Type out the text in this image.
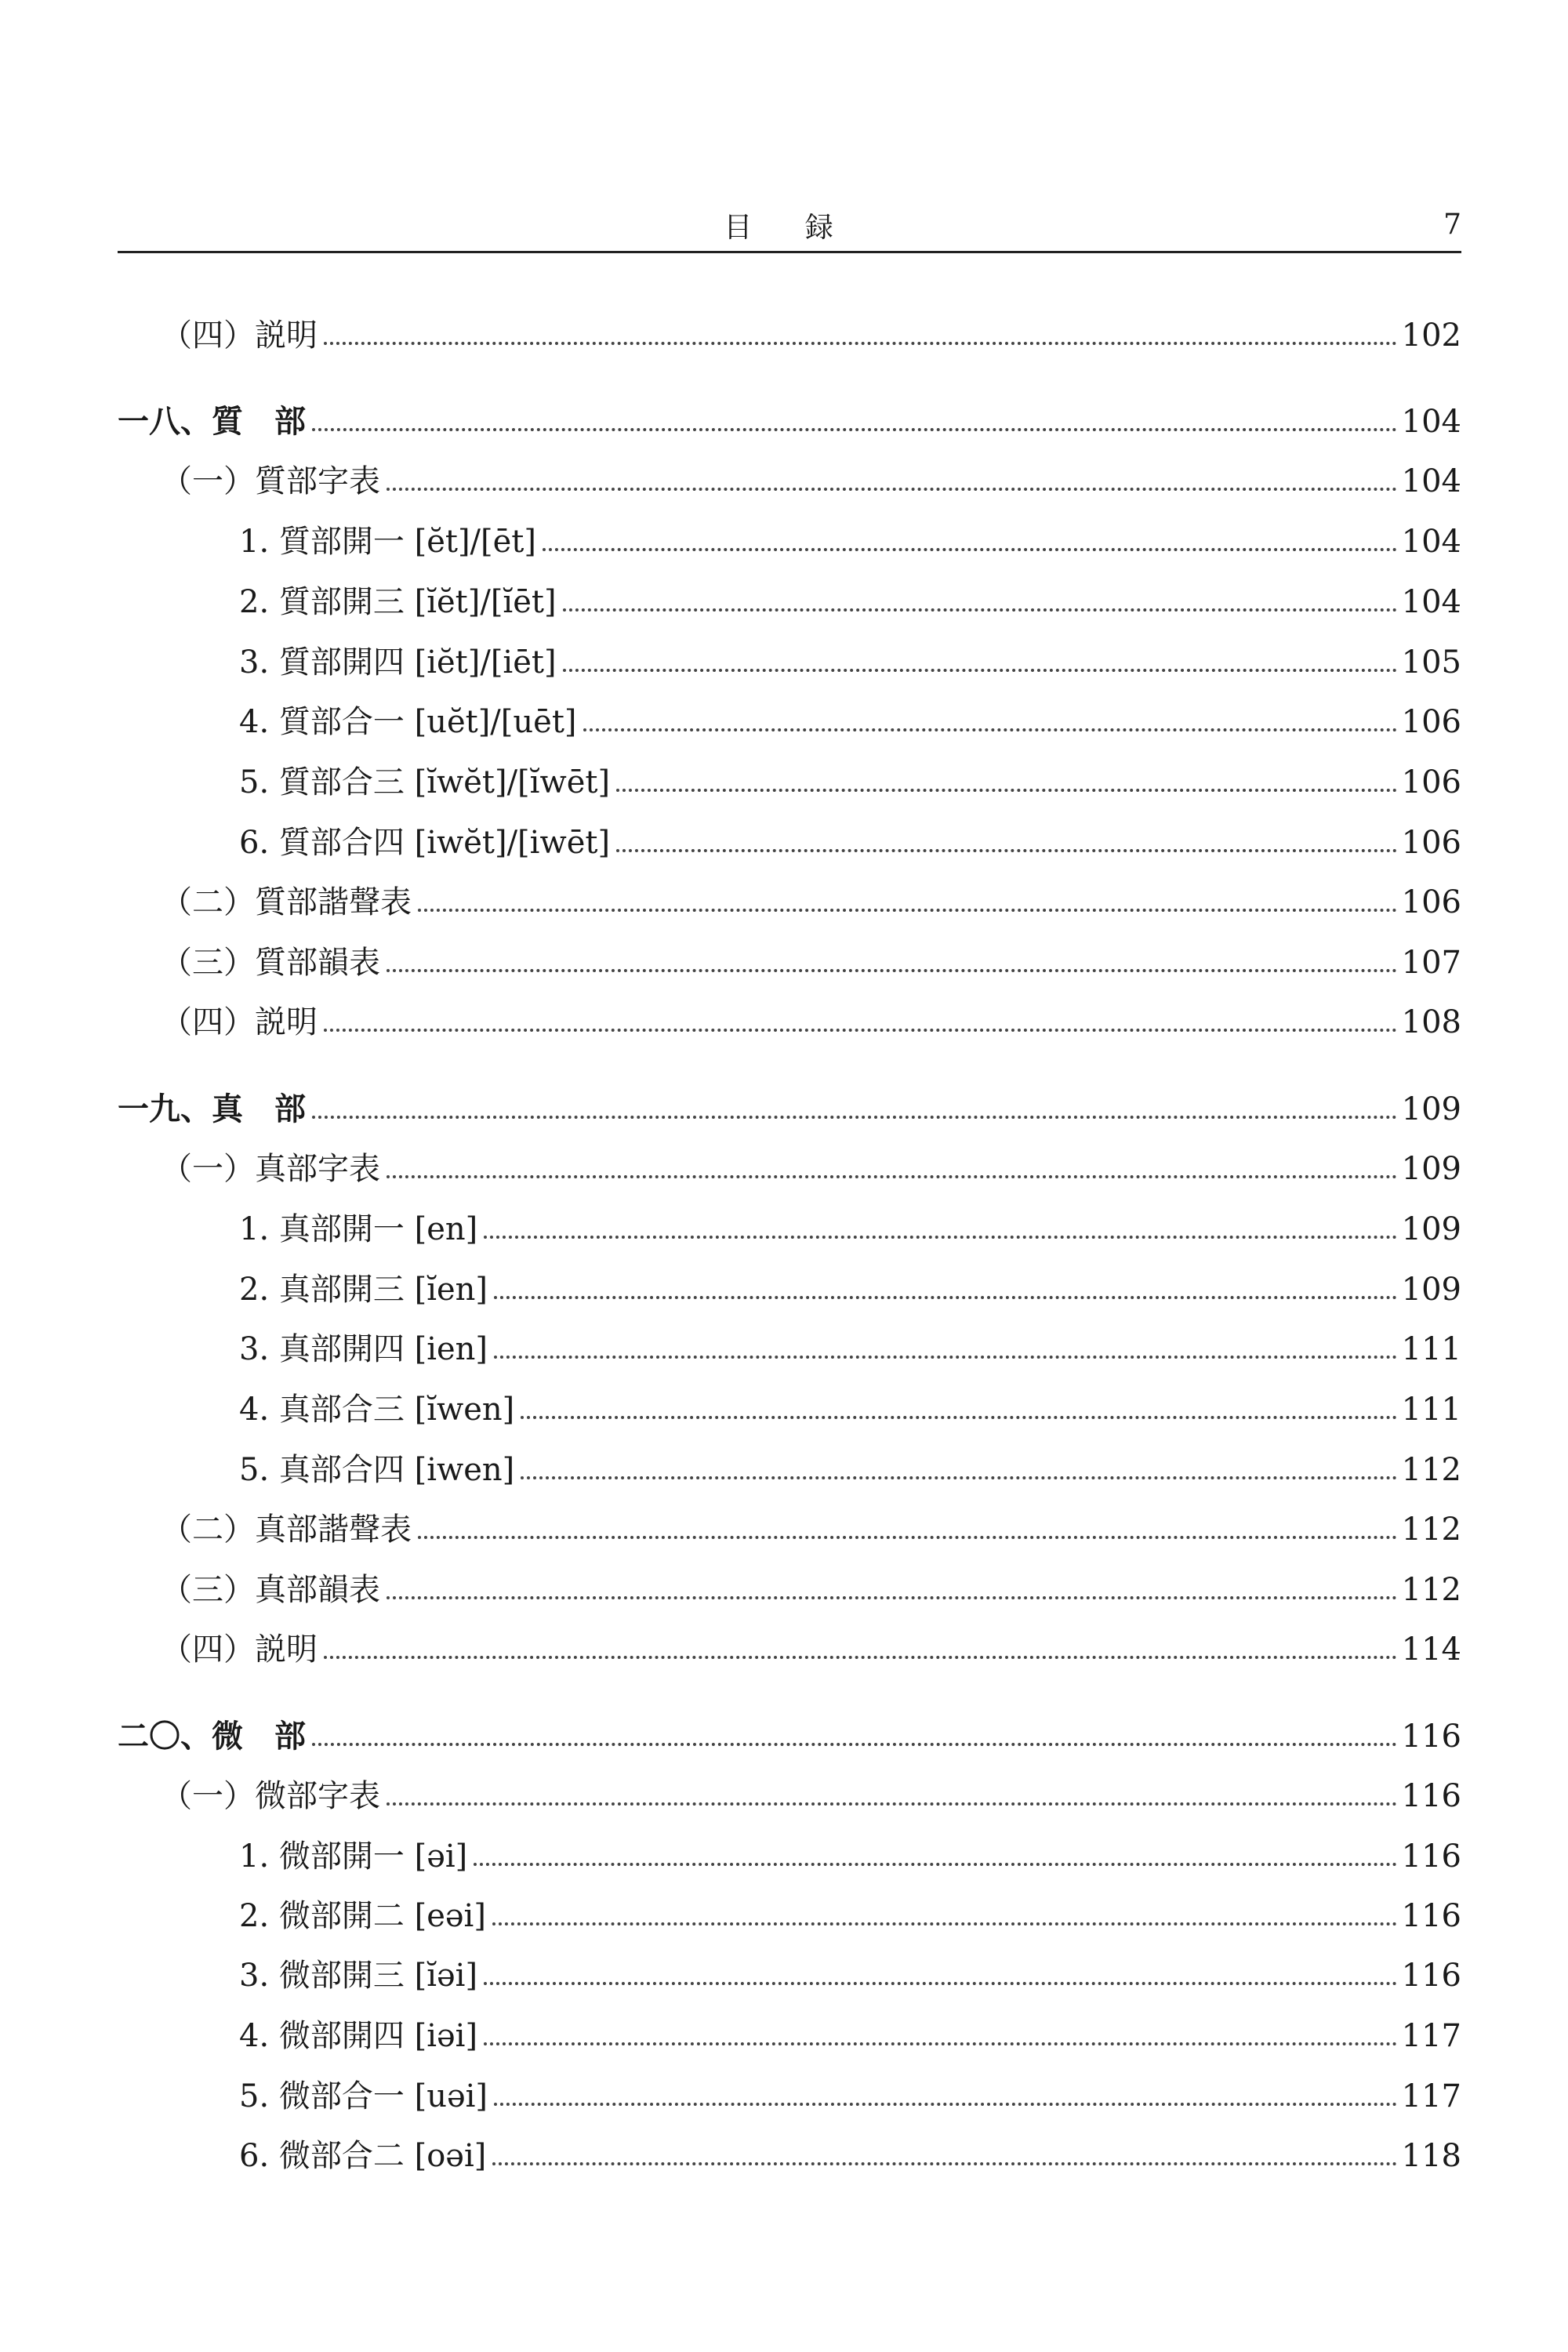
目 録	7
（四）説明	102
一八、質　部	104
（一）質部字表	104
1. 質部開一 [ĕt]/[ēt]	104
2. 質部開三 [ĭĕt]/[ĭēt]	104
3. 質部開四 [iĕt]/[iēt]	105
4. 質部合一 [uĕt]/[uēt]	106
5. 質部合三 [ĭwĕt]/[ĭwēt]	106
6. 質部合四 [iwĕt]/[iwēt]	106
（二）質部諧聲表	106
（三）質部韻表	107
（四）説明	108
一九、真　部	109
（一）真部字表	109
1. 真部開一 [en]	109
2. 真部開三 [ĭen]	109
3. 真部開四 [ien]	111
4. 真部合三 [ĭwen]	111
5. 真部合四 [iwen]	112
（二）真部諧聲表	112
（三）真部韻表	112
（四）説明	114
二〇、微　部	116
（一）微部字表	116
1. 微部開一 [əi]	116
2. 微部開二 [eəi]	116
3. 微部開三 [ĭəi]	116
4. 微部開四 [iəi]	117
5. 微部合一 [uəi]	117
6. 微部合二 [oəi]	118
